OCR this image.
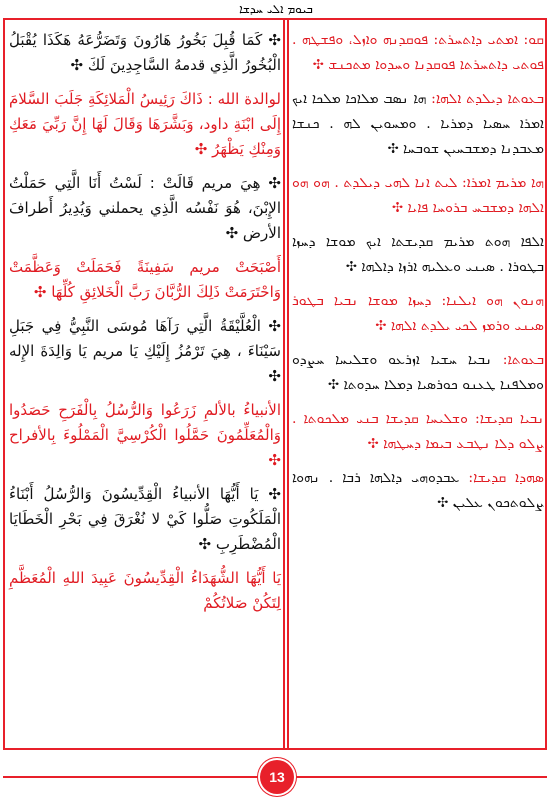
ܒܝܘܡ ܐܠܝ ܚܕܫܐ
ܩܘ: ܐܡܬܝ ܕܐܬܚܪܬ: ܦܘܩܕܢܗ ܘܐܙܠ، ܘܦܫܛܗ . ܦܘܬܝ ܕܐܬܚܪܬܐ ܦܘܩܕܢܐ ܘܚܕܘܐ ܡܬܟܢܫ ✣
ܒܥܘܬܐ ܕܝܠܕܬ ܐܠܗܐ: ܗܐ ܢܣܒ ܡܠܐܟܐ ܡܠܟܐ ܐܝܟ ܐܡܪܐ ܚܣܝܐ ܕܡܪܝܐ . ܘܡܚܘܝܢ ܠܗ . ܟܢܫܐ ܡܥܒܕܢܐ ܕܡܫܒܚܝܢ ܫܘܒܚܐ ✣
ܗܐ ܡܪܝܡ ܐܡܪܐ: ܠܝܬ ܐܢܐ ܠܗܝ ܕܝܠܕܬ . ܗܘ ܗܘ ܐܠܗܐ ܕܡܫܒܚ ܒܪܘܚܐ ܦܐܝܐ ✣
ܐܠܦܐ ܗܘܬ ܡܪܝܡ ܩܕܝܫܬܐ ܐܝܟ ܡܘܫܐ ܕܚܙܐ ܒܛܘܪܐ . ܣܝܢܝ ܘܥܠܝܗ ܐܪܙܐ ܕܐܠܗܐ ✣
ܗܢܘܢ ܗܘ ܐܝܠܢܐ: ܕܚܙܐ ܡܘܫܐ ܢܒܝܐ ܒܛܘܪ ܣܝܢܝ ܘܪܡܙ ܠܟܝ ܝܠܕܬ ܐܠܗܐ ✣
ܒܥܘܬܐ: ܢܒܝܐ ܚܫܝܐ ܐܙܪܥܘ ܘܫܠܝܚܐ ܚܨܕܘ ܘܡܠܦܢܐ ܛܥܢܘ ܟܘܪܣܝܐ ܕܡܠܐ ܚܕܘܬܐ ✣
ܢܒܝܐ ܩܕܝܫܐ: ܘܫܠܝܚܐ ܩܕܝܫܐ ܒܢܝ ܡܠܟܘܬܐ . ܨܠܘ ܕܠܐ ܢܛܒܥ ܒܝܡܐ ܕܚܛܗܐ ✣
ܣܗܕܐ ܩܕܝܫܐ: ܥܒܕܘܗܝ ܕܐܠܗܐ ܪܒܐ . ܢܗܘܐ ܨܠܘܬܟܘܢ ܥܠܝܢ ✣
✣ كَمَا قُبِلَ بَخُورُ هَارُونَ وَتَضَرُّعَهُ هَكَذَا يُقْبَلُ الْبُخُورُ الَّذِي قدمهُ السَّاجِدِينَ لَكَ ✣
لوالدة الله : ذَاكَ رَئِيسُ الْمَلائِكَةِ جَلَبَ السَّلامَ إِلَى ابْنَةِ داود، وَبَشَّرَهَا وَقَالَ لَهَا إِنَّ رَبِّيَ مَعَكِ وَمِنْكِ يَظْهَرُ ✣
✣ هِيَ مريم قَالَتْ : لَسْتُ أَنَا الَّتِي حَمَلْتُ الإِبْنَ، هُوَ نَفْسُه الَّذِي يحملني وَيُدِيرُ أَطرافَ الأرض ✣
أَصْبَحَتْ مريم سَفِينَةً فَحَمَلَتْ وَعَظَّمَتْ وَاحْتَرَمَتْ ذَلِكَ الرُّبَّانَ رَبَّ الْخَلائِقِ كُلِّهَا ✣
✣ الْعُلَّيْقَةُ الَّتِي رَآهَا مُوسَى النَّبِيُّ فِي جَبَلِ سَيْنَاءَ ، هِيَ تَرْمُزُ إِلَيْكِ يَا مريم يَا وَالِدَةَ الإِله ✣
الأنبياءُ بالألمِ زَرَعُوا وَالرُّسُلُ بِالْفَرَحِ حَصَدُوا وَالْمُعَلِّمُونَ حَمَّلُوا الْكُرْسِيَّ الْمَمْلُوءَ بِالأفراح ✣
✣ يَا أَيُّهَا الأنبياءُ الْقِدِّيسُونَ وَالرُّسُلُ أَبْنَاءُ الْمَلَكُوتِ صَلُّوا كَيْ لا نُغْرَقَ فِي بَحْرِ الْخَطَايَا الْمُضْطَرِبِ ✣
يَا أَيُّهَا الشُّهَدَاءُ الْقِدِّيسُونَ عَبِيدَ اللهِ الْمُعَظَّمِ لِتَكُنْ صَلاتُكُمْ
13
